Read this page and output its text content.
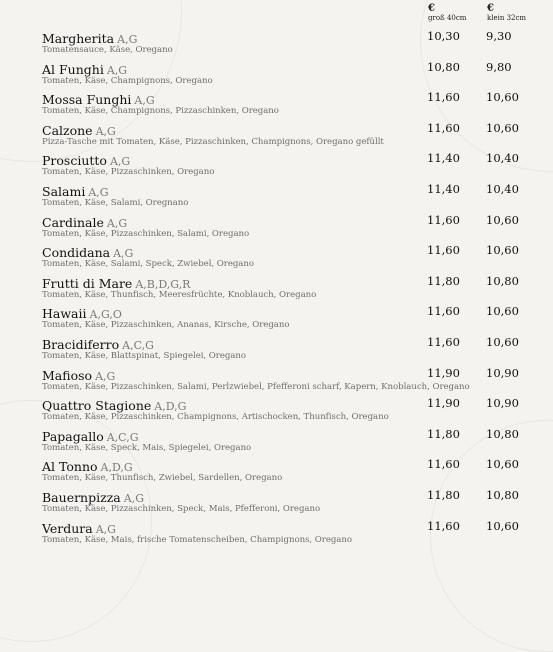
€
groß 40cm
€
klein 32cm
Margherita A,G
Tomatensauce, Käse, Oregano
10,30 9,30
Al Funghi A,G
Tomaten, Käse, Champignons, Oregano
10,80 9,80
Mossa Funghi A,G
Tomaten, Käse, Champignons, Pizzaschinken, Oregano
11,60 10,60
Calzone A,G
Pizza-Tasche mit Tomaten, Käse, Pizzaschinken, Champignons, Oregano gefüllt
11,60 10,60
Prosciutto A,G
Tomaten, Käse, Pizzaschinken, Oregano
11,40 10,40
Salami A,G
Tomaten, Käse, Salami, Oregnano
11,40 10,40
Cardinale A,G
Tomaten, Käse, Pizzaschinken, Salami, Oregano
11,60 10,60
Condidana A,G
Tomaten, Käse, Salami, Speck, Zwiebel, Oregano
11,60 10,60
Frutti di Mare A,B,D,G,R
Tomaten, Käse, Thunfisch, Meeresfrüchte, Knoblauch, Oregano
11,80 10,80
Hawaii A,G,O
Tomaten, Käse, Pizzaschinken, Ananas, Kirsche, Oregano
11,60 10,60
Bracidiferro A,C,G
Tomaten, Käse, Blattspinat, Spiegelei, Oregano
11,60 10,60
Mafioso A,G
Tomaten, Käse, Pizzaschinken, Salami, Perlzwiebel, Pfefferoni scharf, Kapern, Knoblauch, Oregano
11,90 10,90
Quattro Stagione A,D,G
Tomaten, Käse, Pizzaschinken, Champignons, Artischocken, Thunfisch, Oregano
11,90 10,90
Papagallo A,C,G
Tomaten, Käse, Speck, Mais, Spiegelei, Oregano
11,80 10,80
Al Tonno A,D,G
Tomaten, Käse, Thunfisch, Zwiebel, Sardellen, Oregano
11,60 10,60
Bauernpizza A,G
Tomaten, Käse, Pizzaschinken, Speck, Mais, Pfefferoni, Oregano
11,80 10,80
Verdura A,G
Tomaten, Käse, Mais, frische Tomatenscheiben, Champignons, Oregano
11,60 10,60
